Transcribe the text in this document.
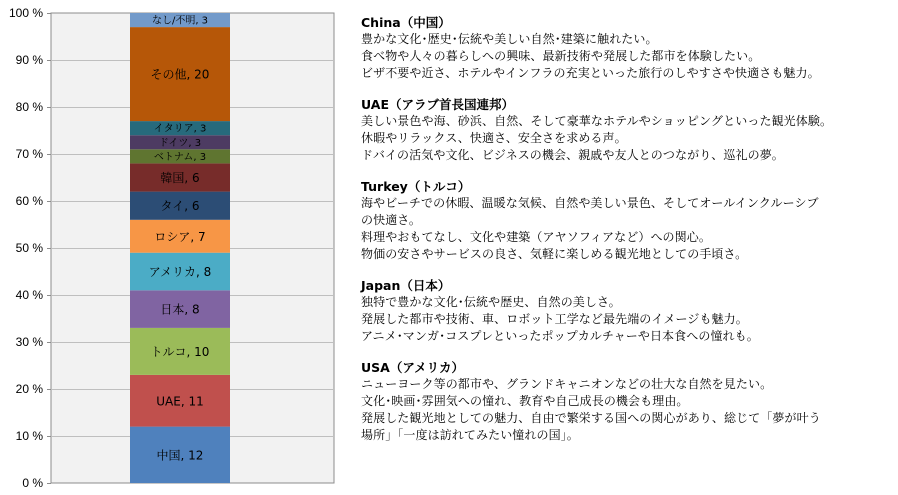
0 %
10 %
20 %
30 %
40 %
50 %
60 %
70 %
80 %
90 %
100 %
中国, 12
UAE, 11
トルコ, 10
日本, 8
アメリカ, 8
ロシア, 7
タイ, 6
韓国, 6
ベトナム, 3
ドイツ, 3
イタリア, 3
その他, 20
なし/不明, 3	China（中国）
豊かな文化･歴史･伝統や美しい自然･建築に触れたい。
食べ物や人々の暮らしへの興味、最新技術や発展した都市を体験したい。
ビザ不要や近さ、ホテルやインフラの充実といった旅行のしやすさや快適さも魅力。
UAE（アラブ首長国連邦）
美しい景色や海、砂浜、自然、そして豪華なホテルやショッピングといった観光体験。
休暇やリラックス、快適さ、安全さを求める声。
ドバイの活気や文化、ビジネスの機会、親戚や友人とのつながり、巡礼の夢。
Turkey（トルコ）
海やビーチでの休暇、温暖な気候、自然や美しい景色、そしてオールインクルーシブ
の快適さ。
料理やおもてなし、文化や建築（アヤソフィアなど）への関心。
物価の安さやサービスの良さ、気軽に楽しめる観光地としての手頃さ。
Japan（日本）
独特で豊かな文化･伝統や歴史、自然の美しさ。
発展した都市や技術、車、ロボット工学など最先端のイメージも魅力。
アニメ･マンガ･コスプレといったポップカルチャーや日本食への憧れも。
USA（アメリカ）
ニューヨーク等の都市や、グランドキャニオンなどの壮大な自然を見たい。
文化･映画･雰囲気への憧れ、教育や自己成長の機会も理由。
発展した観光地としての魅力、自由で繁栄する国への関心があり、総じて「夢が叶う
場所」「一度は訪れてみたい憧れの国」。
